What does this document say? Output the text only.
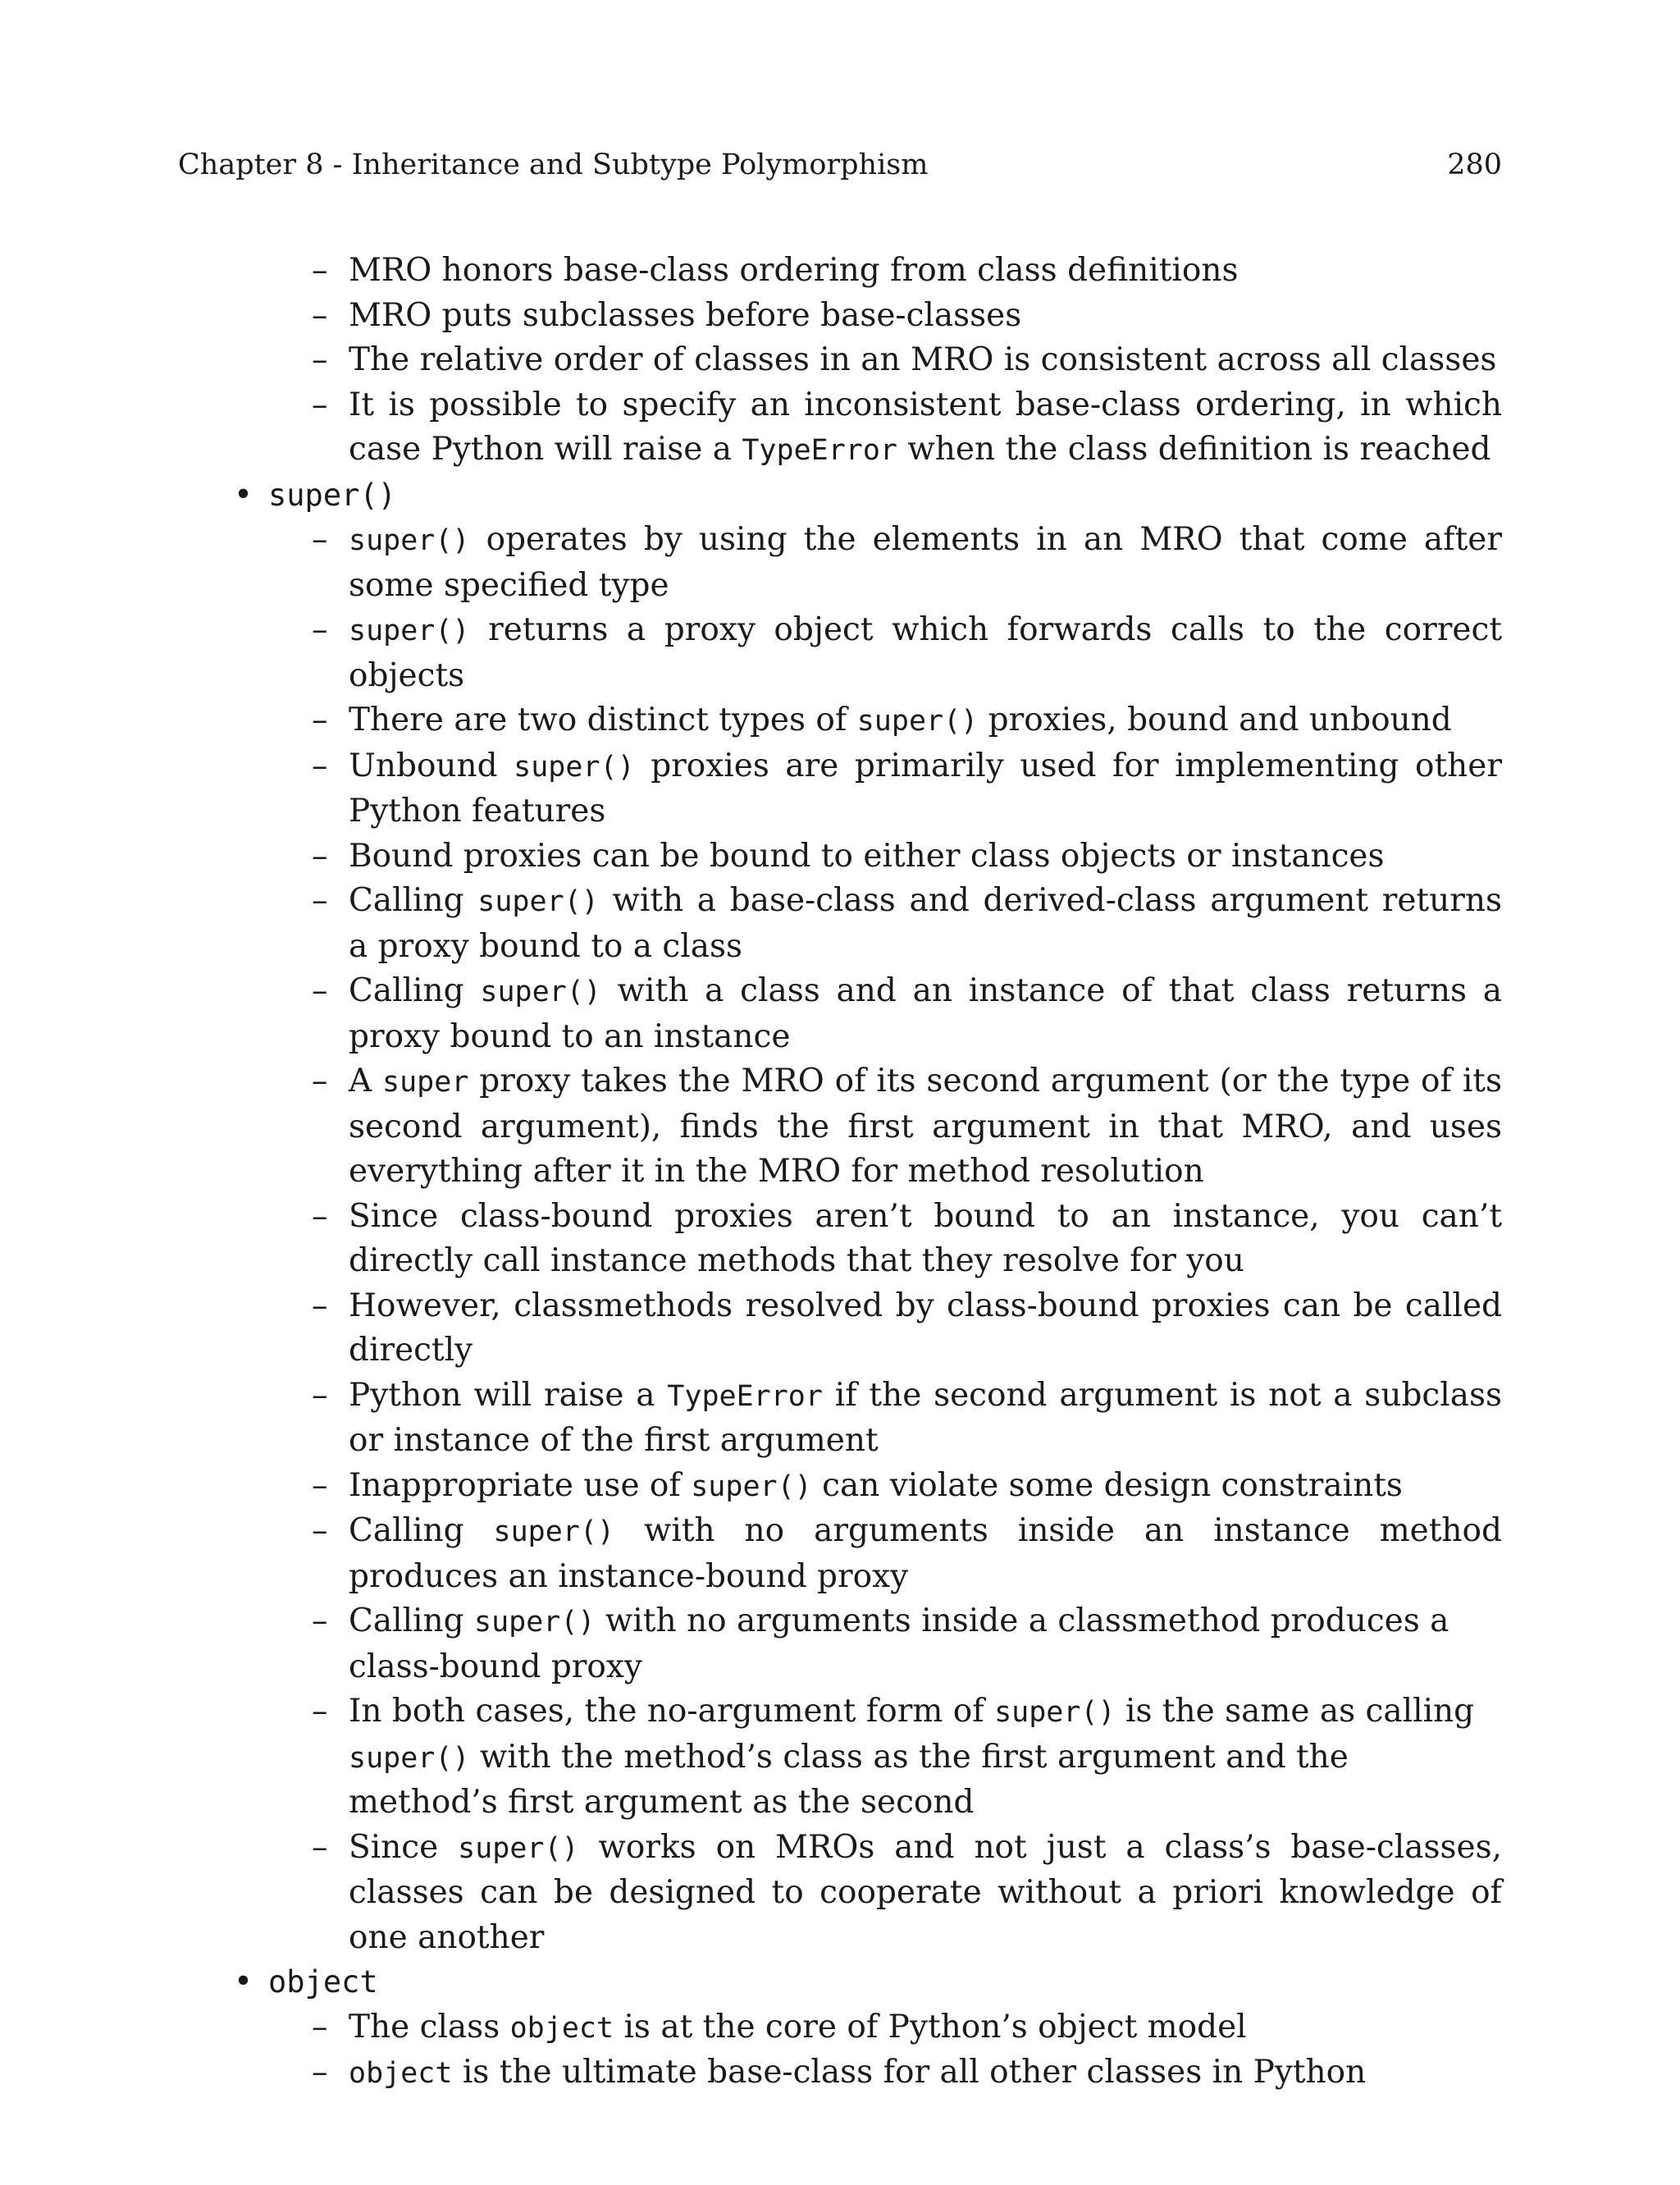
Chapter 8 - Inheritance and Subtype Polymorphism	280
– MRO honors base-class ordering from class definitions
– MRO puts subclasses before base-classes
– The relative order of classes in an MRO is consistent across all classes
– It is possible to specify an inconsistent base-class ordering, in which case Python will raise a TypeError when the class definition is reached
• super()
– super() operates by using the elements in an MRO that come after some specified type
– super() returns a proxy object which forwards calls to the correct objects
– There are two distinct types of super() proxies, bound and unbound
– Unbound super() proxies are primarily used for implementing other Python features
– Bound proxies can be bound to either class objects or instances
– Calling super() with a base-class and derived-class argument returns a proxy bound to a class
– Calling super() with a class and an instance of that class returns a proxy bound to an instance
– A super proxy takes the MRO of its second argument (or the type of its second argument), finds the first argument in that MRO, and uses everything after it in the MRO for method resolution
– Since class-bound proxies aren’t bound to an instance, you can’t directly call instance methods that they resolve for you
– However, classmethods resolved by class-bound proxies can be called directly
– Python will raise a TypeError if the second argument is not a subclass or instance of the first argument
– Inappropriate use of super() can violate some design constraints
– Calling super() with no arguments inside an instance method produces an instance-bound proxy
– Calling super() with no arguments inside a classmethod produces a class-bound proxy
– In both cases, the no-argument form of super() is the same as calling super() with the method’s class as the first argument and the method’s first argument as the second
– Since super() works on MROs and not just a class’s base-classes, classes can be designed to cooperate without a priori knowledge of one another
• object
– The class object is at the core of Python’s object model
– object is the ultimate base-class for all other classes in Python
